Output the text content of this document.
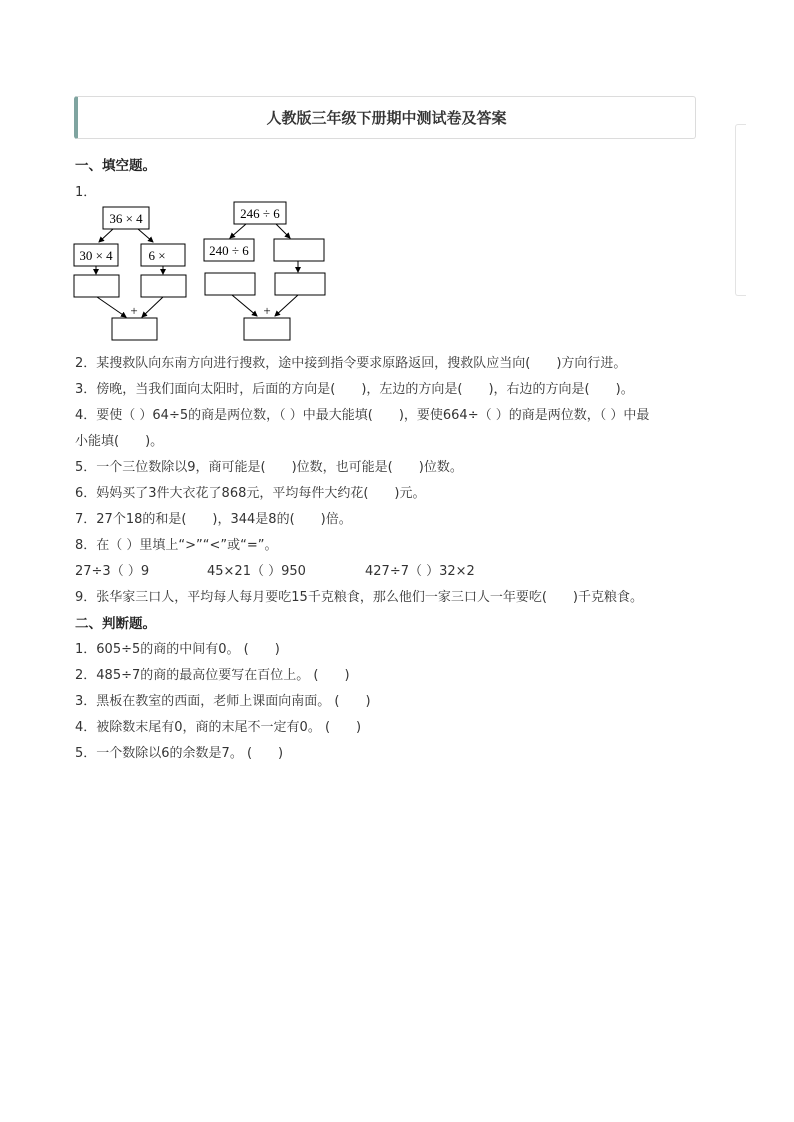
人教版三年级下册期中测试卷及答案
一、填空题。
1．
36 × 4
30 × 4	6 ×
+
246 ÷ 6
240 ÷ 6
+
2．某搜救队向东南方向进行搜救，途中接到指令要求原路返回，搜救队应当向(　　)方向行进。
3．傍晚，当我们面向太阳时，后面的方向是(　　)，左边的方向是(　　)，右边的方向是(　　)。
4．要使（ ）64÷5的商是两位数，（ ）中最大能填(　　)，要使664÷（ ）的商是两位数，（ ）中最
小能填(　　)。
5．一个三位数除以9，商可能是(　　)位数，也可能是(　　)位数。
6．妈妈买了3件大衣花了868元，平均每件大约花(　　)元。
7．27个18的和是(　　)，344是8的(　　)倍。
8．在（ ）里填上“>”“<”或“=”。
27÷3（ ）9	45×21（ ）950	427÷7（ ）32×2
9．张华家三口人，平均每人每月要吃15千克粮食，那么他们一家三口人一年要吃(　　)千克粮食。
二、判断题。
1．605÷5的商的中间有0。 (　　)
2．485÷7的商的最高位要写在百位上。 (　　)
3．黑板在教室的西面，老师上课面向南面。 (　　)
4．被除数末尾有0，商的末尾不一定有0。 (　　)
5．一个数除以6的余数是7。 (　　)
